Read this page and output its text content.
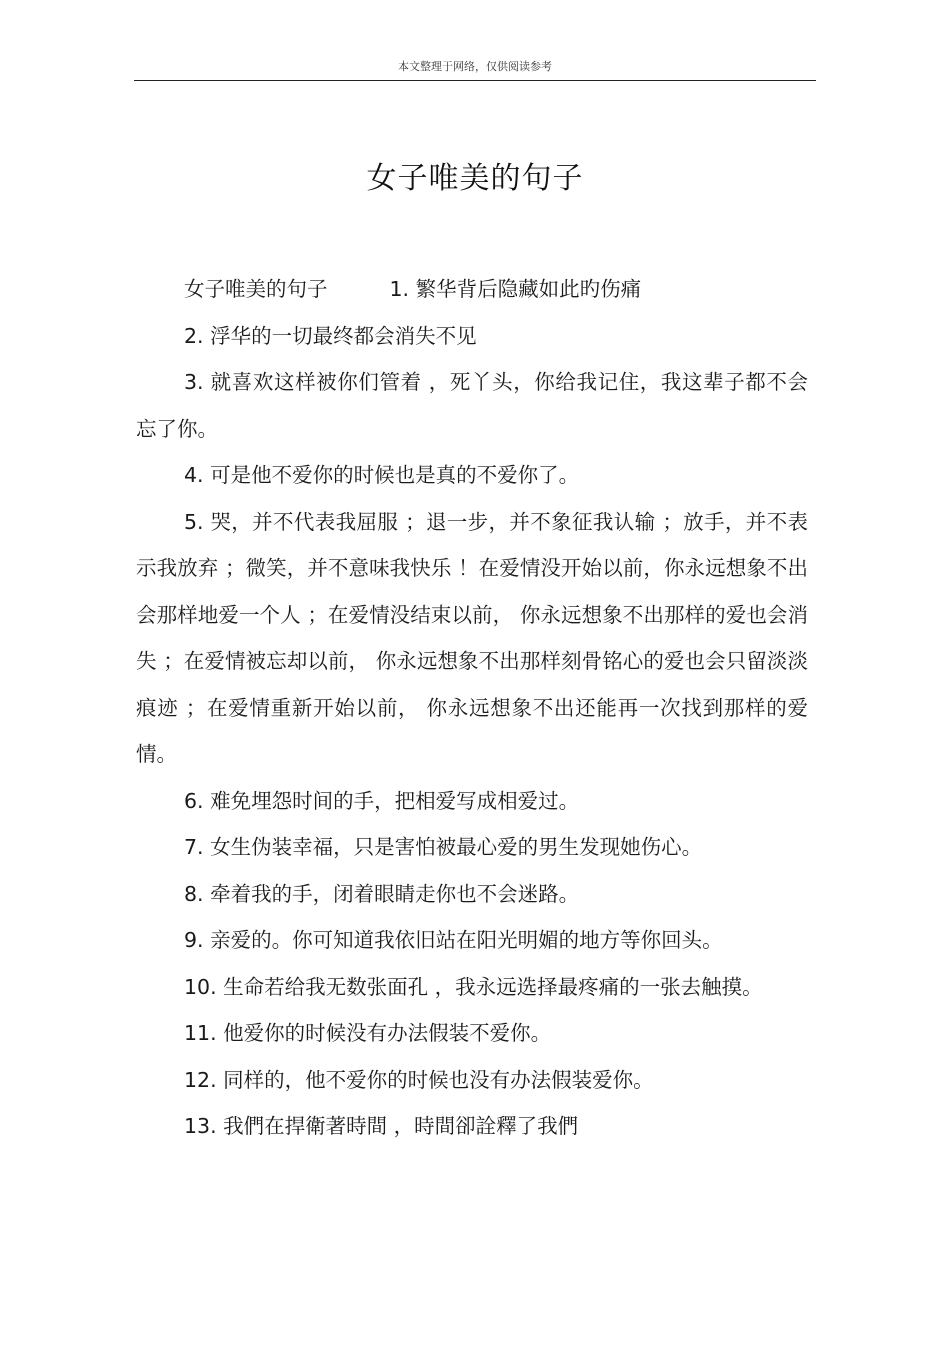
本文整理于网络，仅供阅读参考
女子唯美的句子

女子唯美的句子	1. 繁华背后隐藏如此旳伤痛

2. 浮华的一切最终都会消失不见

3. 就喜欢这样被你们管着 ，死丫头，你给我记住，我这辈子都不会忘了你。

4. 可是他不爱你的时候也是真的不爱你了。

5. 哭，并不代表我屈服 ；退一步，并不象征我认输 ；放手，并不表示我放弃 ；微笑，并不意味我快乐 ！在爱情没开始以前，你永远想象不出会那样地爱一个人 ；在爱情没结束以前， 你永远想象不出那样的爱也会消失 ；在爱情被忘却以前， 你永远想象不出那样刻骨铭心的爱也会只留淡淡痕迹 ；在爱情重新开始以前， 你永远想象不出还能再一次找到那样的爱情。

6. 难免埋怨时间的手，把相爱写成相爱过。

7. 女生伪装幸福，只是害怕被最心爱的男生发现她伤心。

8. 牵着我的手，闭着眼睛走你也不会迷路。

9. 亲爱的。你可知道我依旧站在阳光明媚的地方等你回头。

10. 生命若给我无数张面孔 ，我永远选择最疼痛的一张去触摸。

11. 他爱你的时候没有办法假装不爱你。

12. 同样的，他不爱你的时候也没有办法假装爱你。

13. 我們在捍衛著時間 ，時間卻詮釋了我們
